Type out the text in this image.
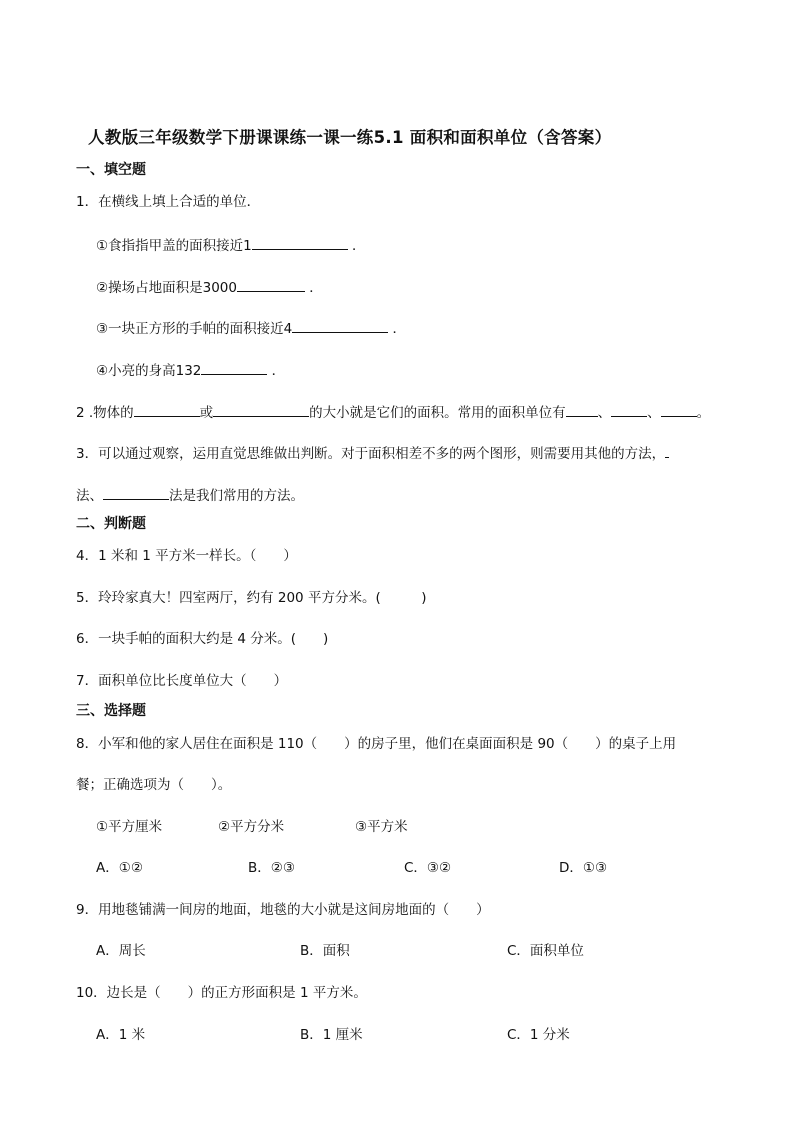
人教版三年级数学下册课课练一课一练5.1 面积和面积单位（含答案）
一、填空题
1．在横线上填上合适的单位．
①食指指甲盖的面积接近1	．
②操场占地面积是3000	．
③一块正方形的手帕的面积接近4	．
④小亮的身高132	．
2 .物体的	或	的大小就是它们的面积。常用的面积单位有 、	、	。
3．可以通过观察，运用直觉思维做出判断。对于面积相差不多的两个图形，则需要用其他的方法，
法、	法是我们常用的方法。
二、判断题
4．1 米和 1 平方米一样长。（　　）
5．玲玲家真大！四室两厅，约有 200 平方分米。(　　　)
6．一块手帕的面积大约是 4 分米。(　　)
7．面积单位比长度单位大（　　）
三、选择题
8．小军和他的家人居住在面积是 110（　　）的房子里，他们在桌面面积是 90（　　）的桌子上用
餐；正确选项为（　　）。
①平方厘米	②平方分米	③平方米
A．①②	B．②③	C．③②	D．①③
9．用地毯铺满一间房的地面，地毯的大小就是这间房地面的（　　）
A．周长	B．面积	C．面积单位
10．边长是（　　）的正方形面积是 1 平方米。
A．1 米	B．1 厘米	C．1 分米
